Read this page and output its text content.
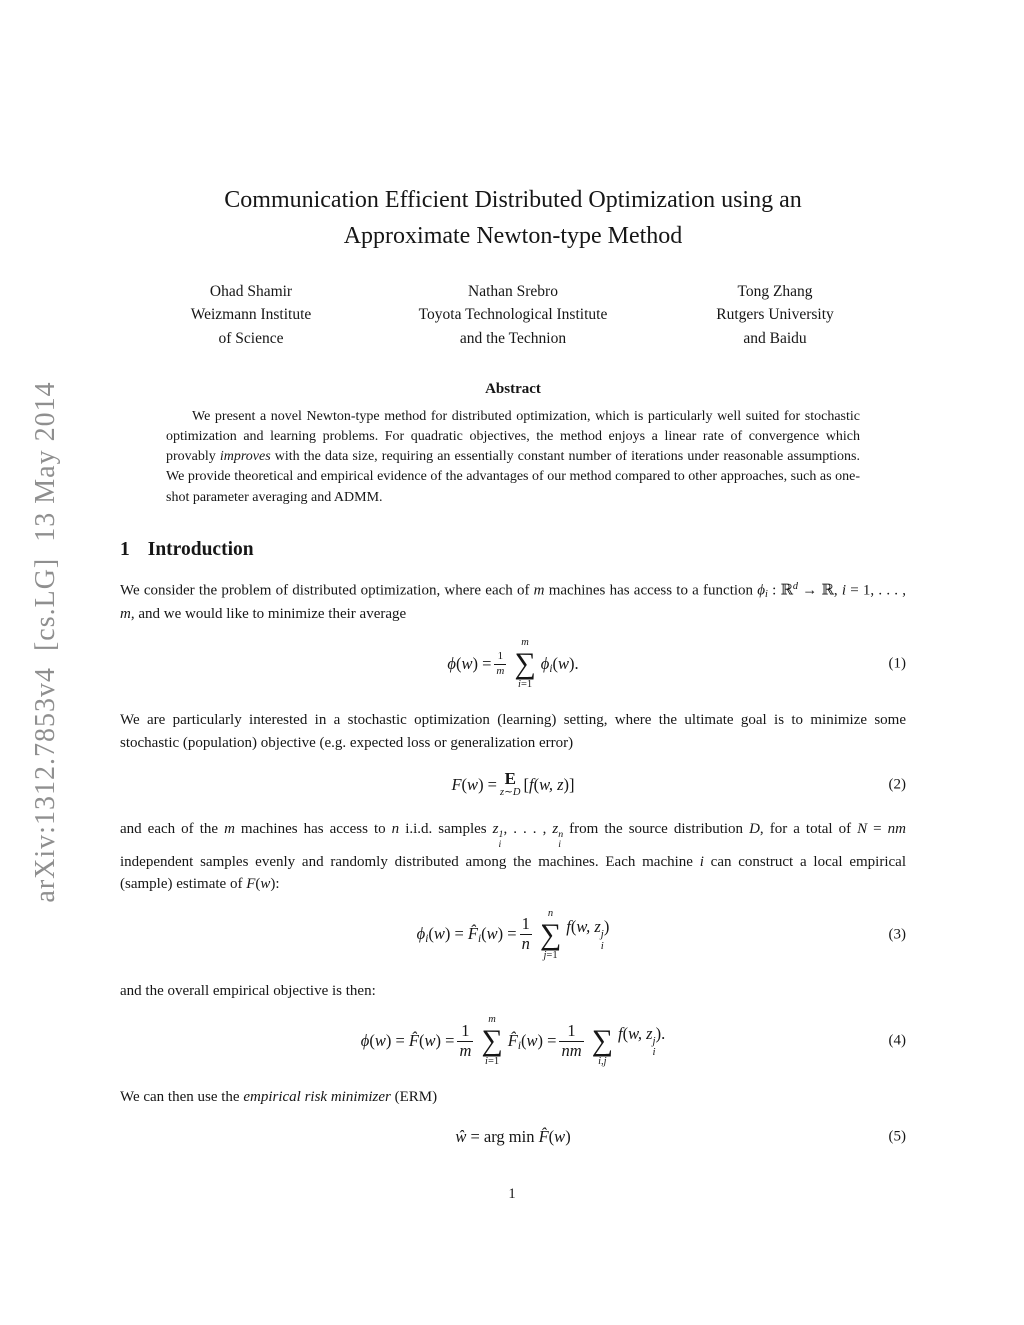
arXiv:1312.7853v4  [cs.LG]  13 May 2014
Communication Efficient Distributed Optimization using an
Approximate Newton-type Method
Ohad Shamir
Weizmann Institute
of Science
Nathan Srebro
Toyota Technological Institute
and the Technion
Tong Zhang
Rutgers University
and Baidu
Abstract

We present a novel Newton-type method for distributed optimization, which is particularly well suited for stochastic optimization and learning problems. For quadratic objectives, the method enjoys a linear rate of convergence which provably improves with the data size, requiring an essentially constant number of iterations under reasonable assumptions. We provide theoretical and empirical evidence of the advantages of our method compared to other approaches, such as one-shot parameter averaging and ADMM.

1 Introduction

We consider the problem of distributed optimization, where each of m machines has access to a function ϕi : ℝ$^d$ → ℝ, i = 1, . . . , m, and we would like to minimize their average

$\phi(w) = \frac{1}{m}$
m
∑
i=1
ϕi(w).	(1)

We are particularly interested in a stochastic optimization (learning) setting, where the ultimate goal is to minimize some stochastic (population) objective (e.g. expected loss or generalization error)

F(w) = E
z∼D [f(w, z)]	(2)

and each of the m machines has access to n i.i.d. samples z 1
i
, . . . , z n
i
from the source distribution D, for a total of N = nm independent samples evenly and randomly distributed among the machines. Each machine i can construct a local empirical (sample) estimate of F(w):

ϕi(w) = F̂i(w) = $\frac{1}{n}$
n
∑
j=1
f(w, z j
i
)	(3)

and the overall empirical objective is then:

ϕ(w) = F̂(w) = $\frac{1}{m}$
m
∑
i=1
F̂i(w) = $\frac{1}{nm}$ ∑
i,j
f(w, z j
i
).	(4)

We can then use the empirical risk minimizer (ERM)

ŵ = arg min F̂(w)	(5)
1
